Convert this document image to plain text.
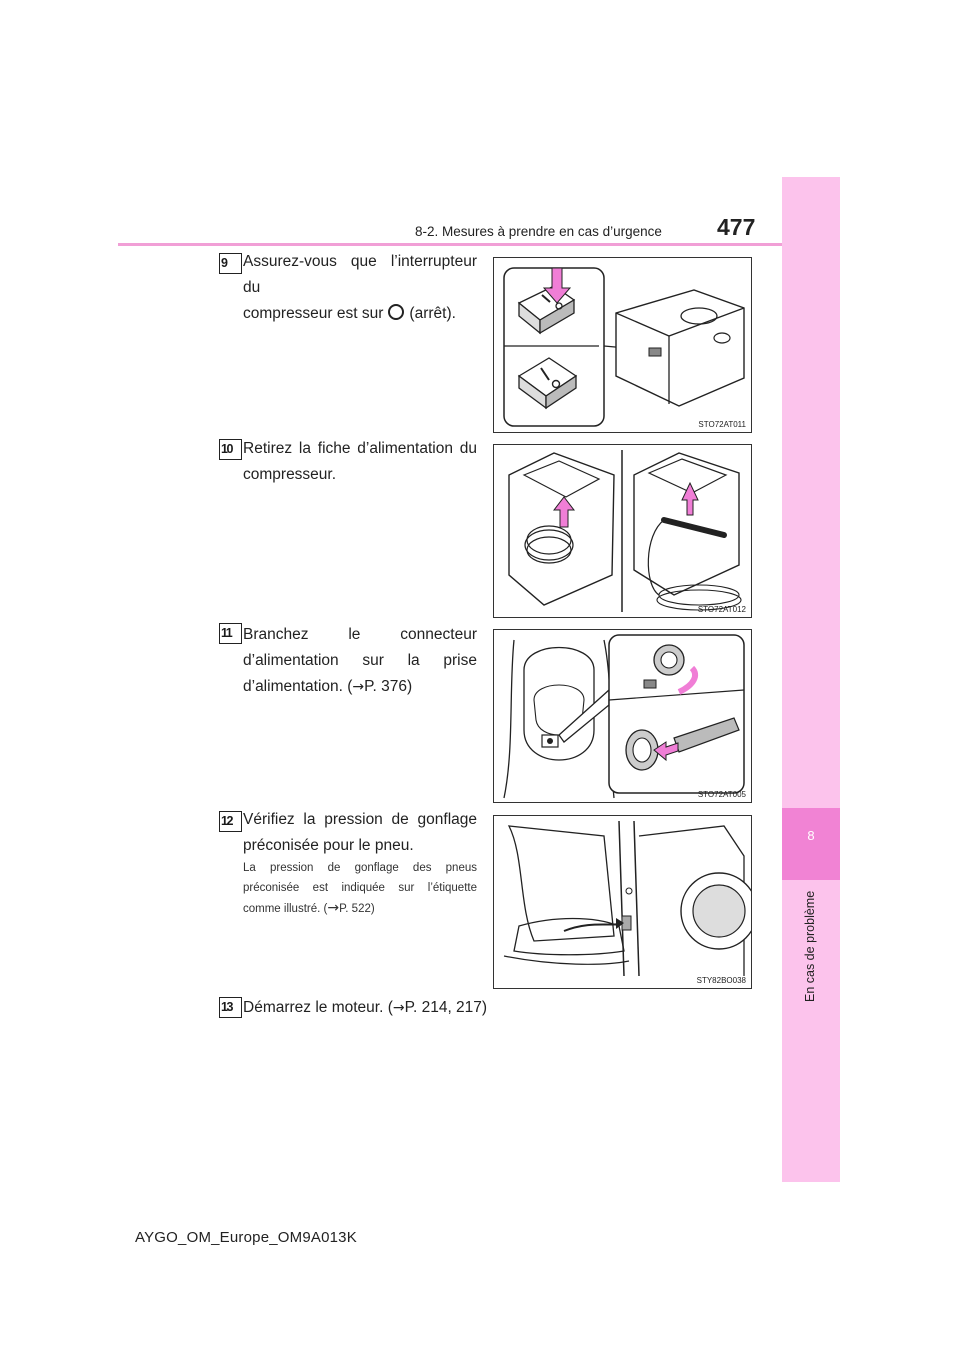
8-2. Mesures à prendre en cas d’urgence 477
8
En cas de problème
9	Assurez-vous que l’interrupteur du
compresseur est sur (arrêt).
STO72AT011
10 Retirez la fiche d’alimentation du
compresseur.
STO72AT012
11 Branchez le connecteur
d’alimentation sur la prise
d’alimentation. (→P. 376)
STO72AT005
12 Vérifiez la pression de gonflage
préconisée pour le pneu.
La pression de gonflage des pneus
préconisée est indiquée sur l’étiquette
comme illustré. (→P. 522)
STY82BO038
13 Démarrez le moteur. (→P. 214, 217)
AYGO_OM_Europe_OM9A013K
